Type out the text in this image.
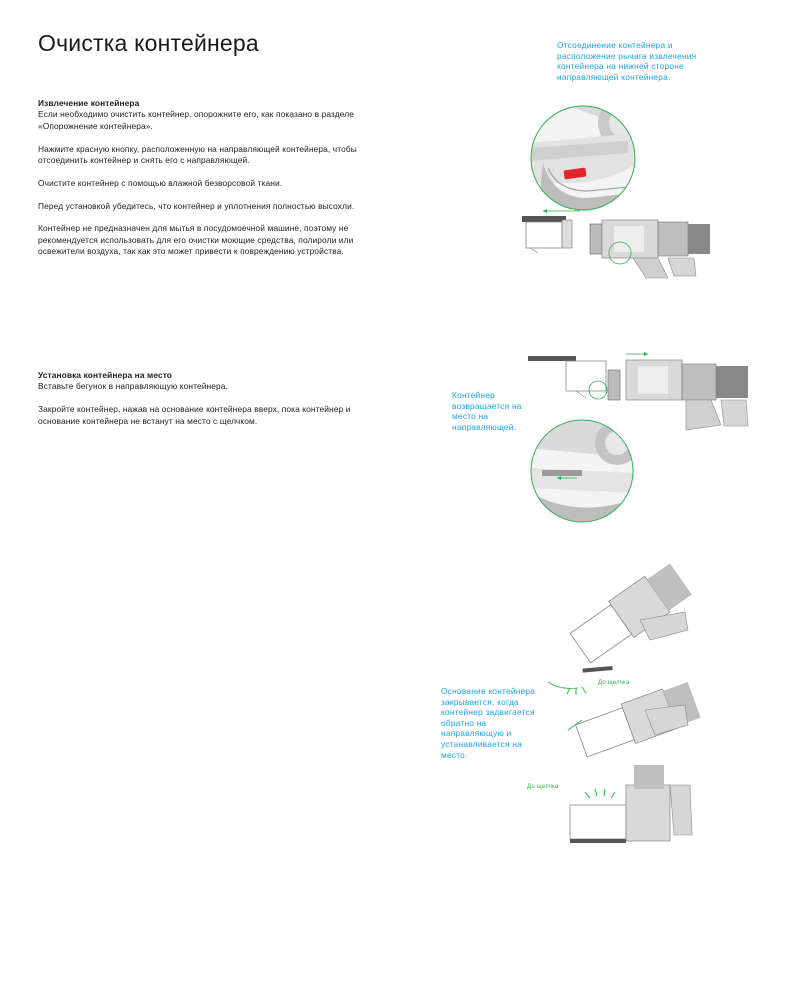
Очистка контейнера
Извлечение контейнера

Если необходимо очистить контейнер, опорожните его, как показано в разделе «Опорожнение контейнера».

Нажмите красную кнопку, расположенную на направляющей контейнера, чтобы отсоединить контейнер и снять его с направляющей.

Очистите контейнер с помощью влажной безворсовой ткани.

Перед установкой убедитесь, что контейнер и уплотнения полностью высохли.

Контейнер не предназначен для мытья в посудомоечной машине, поэтому не рекомендуется использовать для его очистки моющие средства, полироли или освежители воздуха, так как это может привести к повреждению устройства.

Установка контейнера на место

Вставьте бегунок в направляющую контейнера.

Закройте контейнер, нажав на основание контейнера вверх, пока контейнер и основание контейнера не встанут на место с щелчком.

Отсоединение контейнера и расположение рычага извлечения контейнера на нижней стороне направляющей контейнера.
Контейнер возвращается на место на направляющей.
Основание контейнера закрывается, когда контейнер задвигается обратно на направляющую и устанавливается на место.
До щелчка
До щелчка
